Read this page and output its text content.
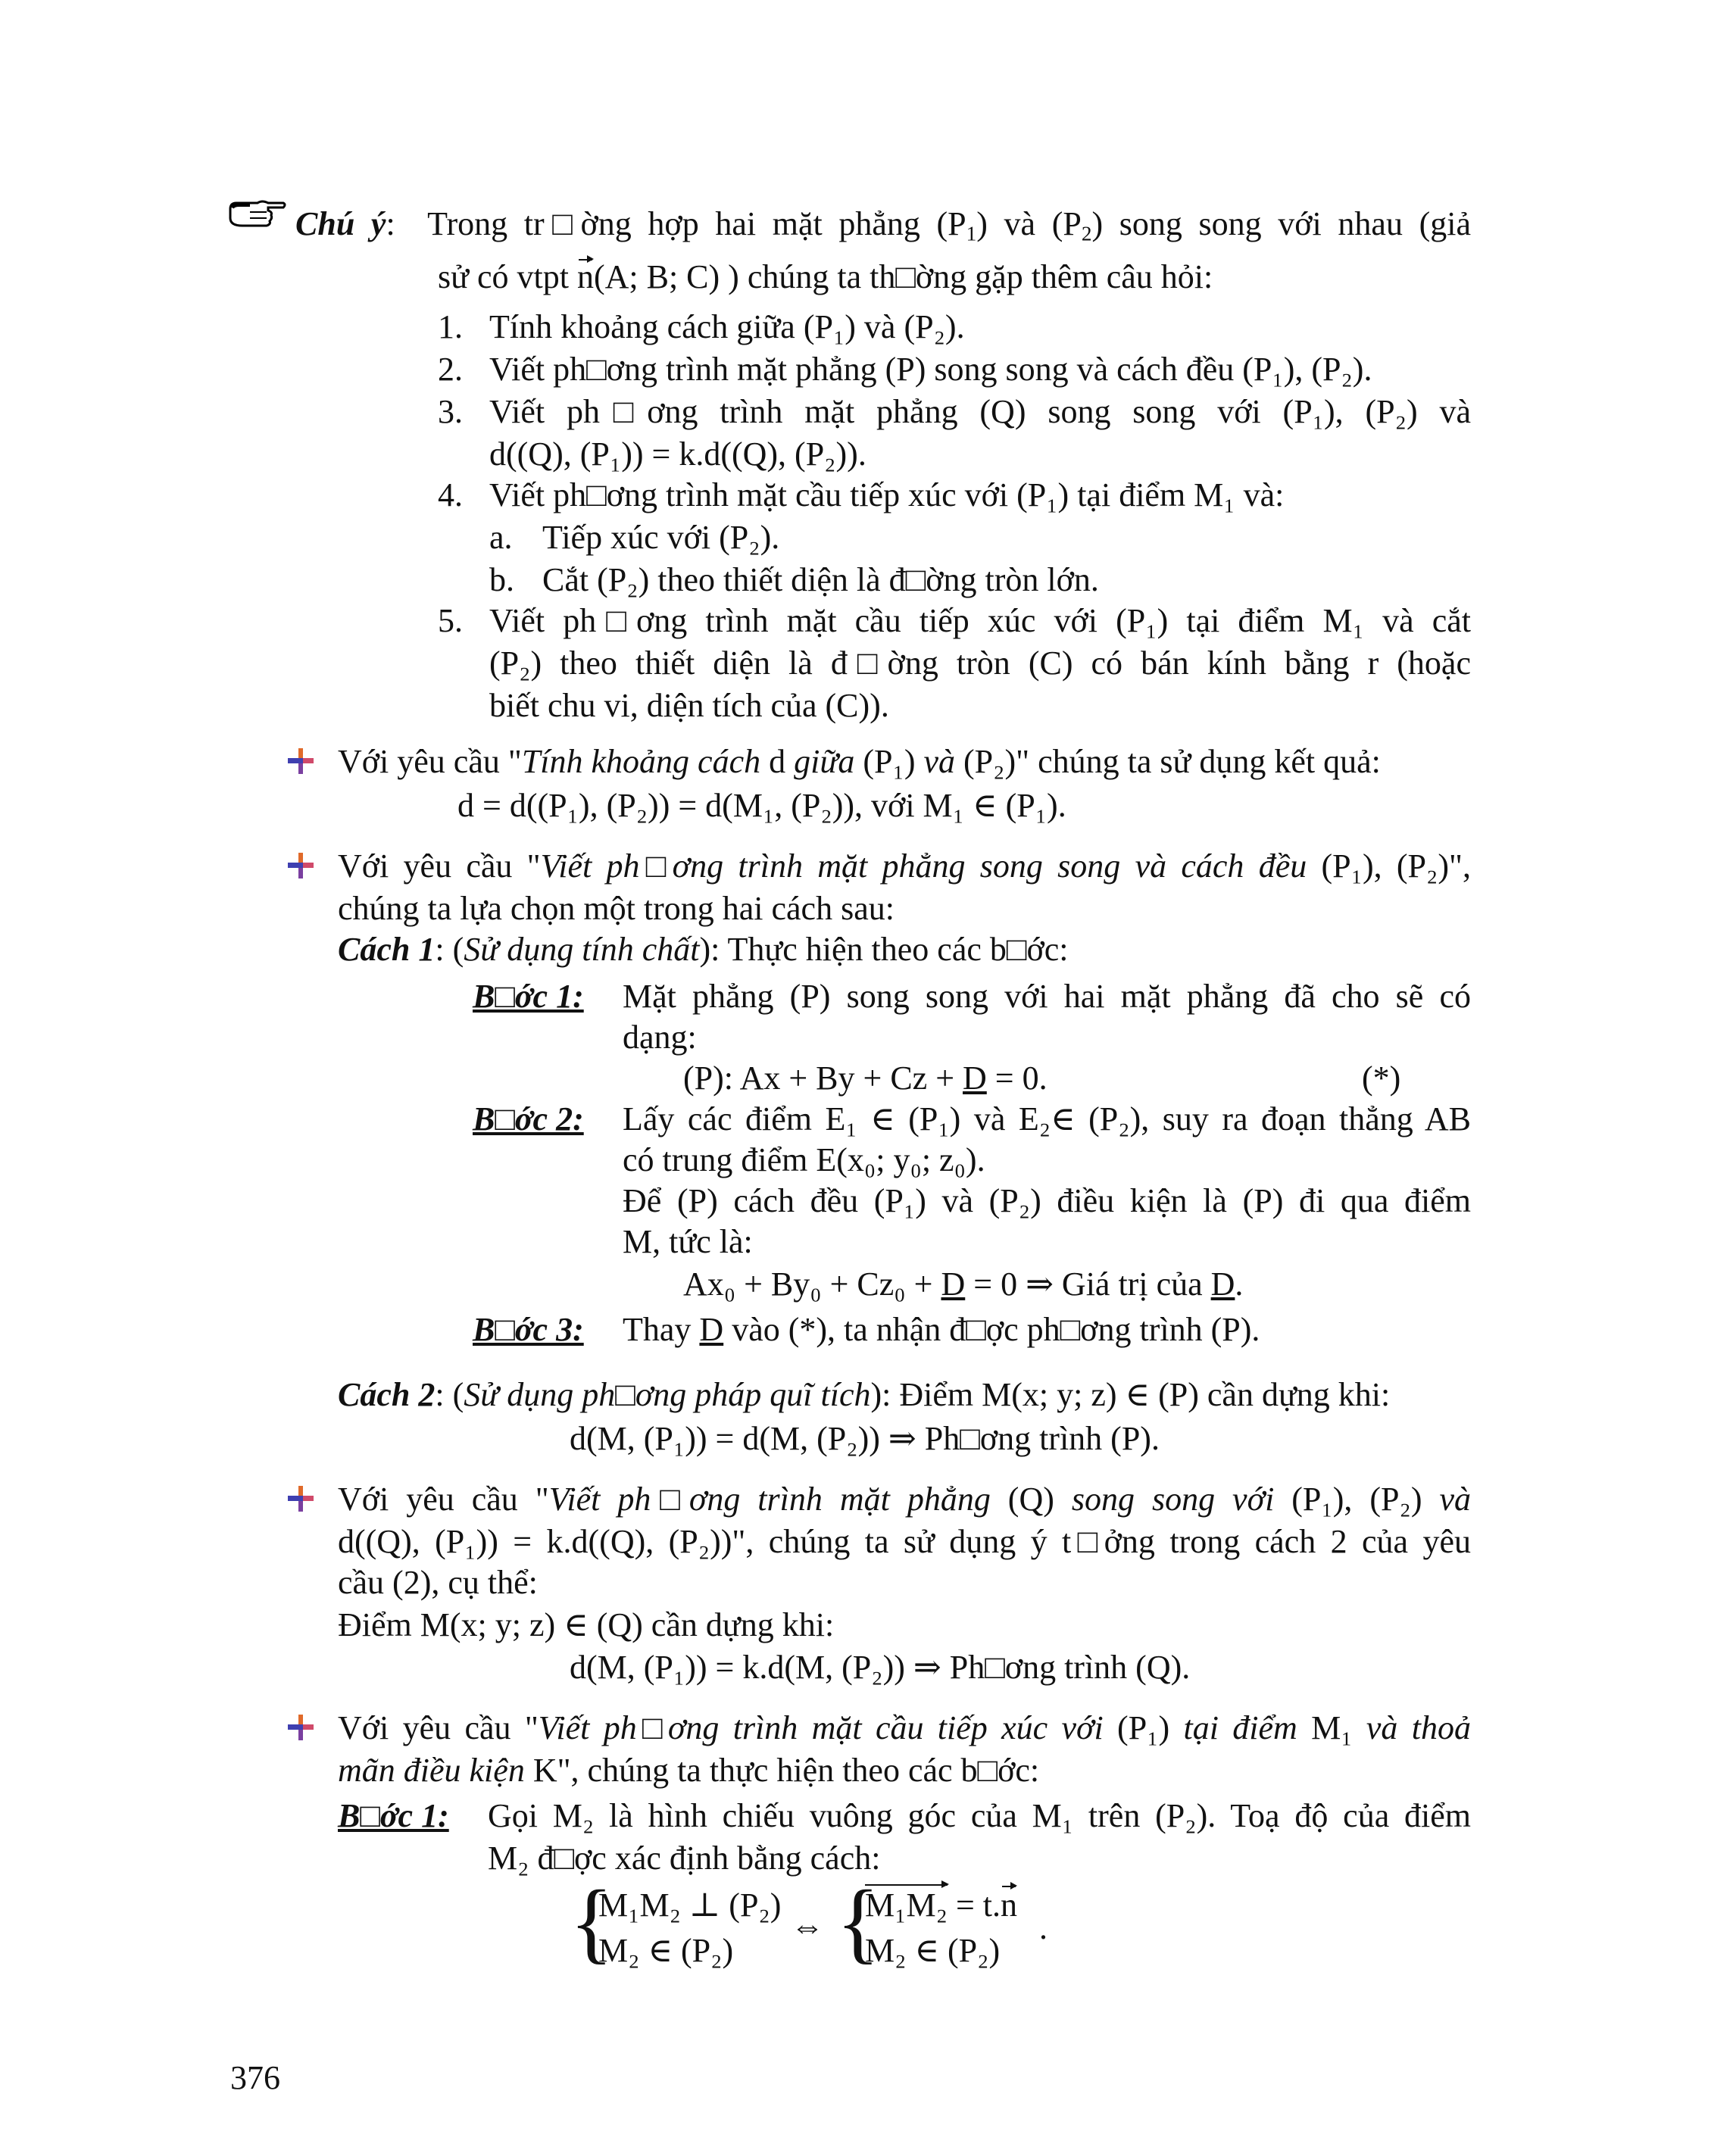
Chú ý:  Trong tr□ờng hợp hai mặt phẳng $(P_1)$ và $(P_2)$ song song với nhau (giả
sử có vtpt n(A; B; C) ) chúng ta th□ờng gặp thêm câu hỏi:
1. Tính khoảng cách giữa (P₁) và (P₂).
2. Viết ph□ơng trình mặt phẳng (P) song song và cách đều (P₁), (P₂).
3. Viết ph□ơng trình mặt phẳng (Q) song song với (P₁), (P₂) và
d((Q), (P₁)) = k.d((Q), (P₂)).
4. Viết ph□ơng trình mặt cầu tiếp xúc với (P₁) tại điểm M₁ và:
a. Tiếp xúc với (P₂).
b. Cắt (P₂) theo thiết diện là đ□ờng tròn lớn.
5. Viết ph□ơng trình mặt cầu tiếp xúc với (P₁) tại điểm M₁ và cắt
(P₂) theo thiết diện là đ□ờng tròn (C) có bán kính bằng r (hoặc
biết chu vi, diện tích của (C)).
Với yêu cầu "Tính khoảng cách d giữa (P₁) và (P₂)" chúng ta sử dụng kết quả:
d = d((P₁), (P₂)) = d(M₁, (P₂)), với M₁ ∈ (P₁).
Với yêu cầu "Viết ph□ơng trình mặt phẳng song song và cách đều (P₁), (P₂)",
chúng ta lựa chọn một trong hai cách sau:
Cách 1: (Sử dụng tính chất): Thực hiện theo các b□ớc:
B□ớc 1: Mặt phẳng (P) song song với hai mặt phẳng đã cho sẽ có
dạng:
(P): Ax + By + Cz + D = 0.	(*)
B□ớc 2: Lấy các điểm E₁ ∈ (P₁) và E₂∈ (P₂), suy ra đoạn thẳng AB
có trung điểm E(x₀; y₀; z₀).
Để (P) cách đều (P₁) và (P₂) điều kiện là (P) đi qua điểm
M, tức là:
Ax₀ + By₀ + Cz₀ + D = 0 ⇒ Giá trị của D.
B□ớc 3: Thay D vào (*), ta nhận đ□ợc ph□ơng trình (P).
Cách 2: (Sử dụng ph□ơng pháp quĩ tích): Điểm M(x; y; z) ∈ (P) cần dựng khi:
d(M, (P₁)) = d(M, (P₂)) ⇒ Ph□ơng trình (P).
Với yêu cầu "Viết ph□ơng trình mặt phẳng (Q) song song với (P₁), (P₂) và
d((Q), (P₁)) = k.d((Q), (P₂))", chúng ta sử dụng ý t□ởng trong cách 2 của yêu
cầu (2), cụ thể:
Điểm M(x; y; z) ∈ (Q) cần dựng khi:
d(M, (P₁)) = k.d(M, (P₂)) ⇒ Ph□ơng trình (Q).
Với yêu cầu "Viết ph□ơng trình mặt cầu tiếp xúc với (P₁) tại điểm M₁ và thoả
mãn điều kiện K", chúng ta thực hiện theo các b□ớc:
B□ớc 1: Gọi M₂ là hình chiếu vuông góc của M₁ trên (P₂). Toạ độ của điểm
M₂ đ□ợc xác định bằng cách:
{
M₁M₂ ⊥ (P₂)
M₂ ∈ (P₂)
⇔ {
M₁M₂ = t.n
M₂ ∈ (P₂)
.
376
